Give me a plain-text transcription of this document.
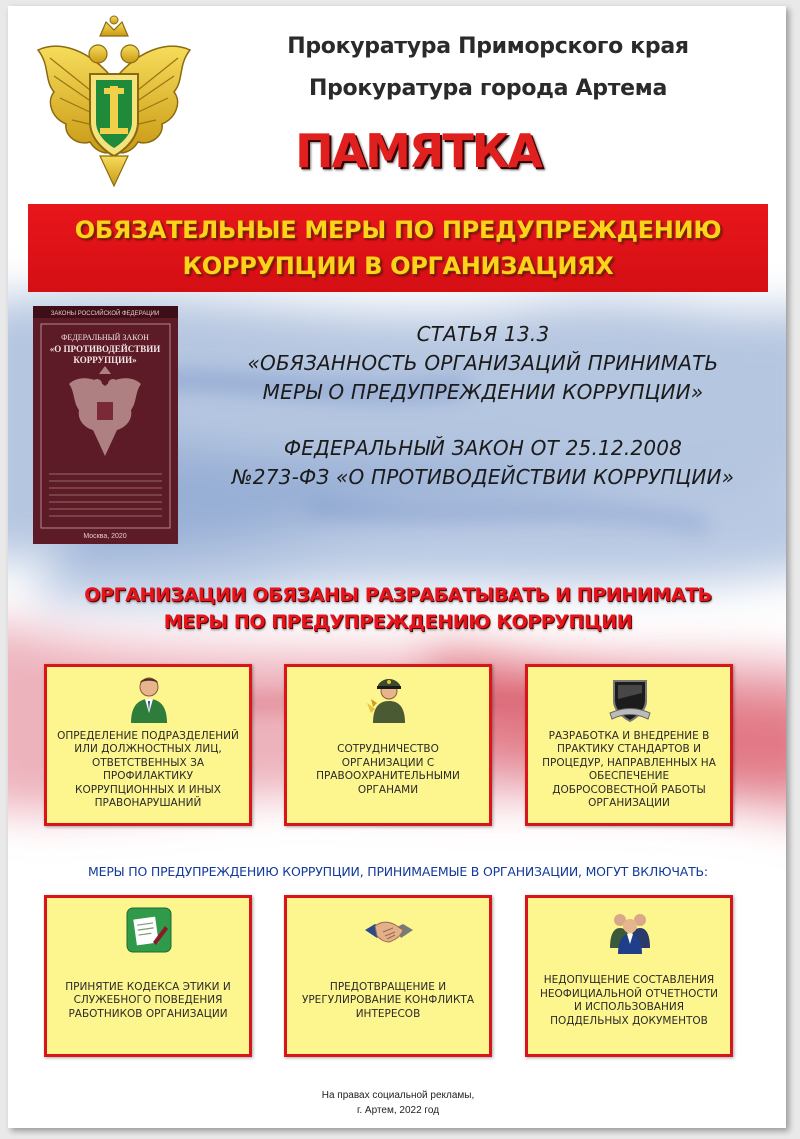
Прокуратура Приморского края
Прокуратура города Артема
ПАМЯТКА
ОБЯЗАТЕЛЬНЫЕ МЕРЫ ПО ПРЕДУПРЕЖДЕНИЮ
КОРРУПЦИИ В ОРГАНИЗАЦИЯХ
ЗАКОНЫ РОССИЙСКОЙ ФЕДЕРАЦИИ
ФЕДЕРАЛЬНЫЙ ЗАКОН
«О ПРОТИВОДЕЙСТВИИ
КОРРУПЦИИ»
Москва, 2020
СТАТЬЯ 13.3
«ОБЯЗАННОСТЬ ОРГАНИЗАЦИЙ ПРИНИМАТЬ
МЕРЫ О ПРЕДУПРЕЖДЕНИИ КОРРУПЦИИ»
ФЕДЕРАЛЬНЫЙ ЗАКОН ОТ 25.12.2008
№273-ФЗ «О ПРОТИВОДЕЙСТВИИ КОРРУПЦИИ»
ОРГАНИЗАЦИИ ОБЯЗАНЫ РАЗРАБАТЫВАТЬ И ПРИНИМАТЬ
МЕРЫ ПО ПРЕДУПРЕЖДЕНИЮ КОРРУПЦИИ
ОПРЕДЕЛЕНИЕ ПОДРАЗДЕЛЕНИЙ ИЛИ ДОЛЖНОСТНЫХ ЛИЦ, ОТВЕТСТВЕННЫХ ЗА ПРОФИЛАКТИКУ КОРРУПЦИОННЫХ И ИНЫХ ПРАВОНАРУШАНИЙ
СОТРУДНИЧЕСТВО ОРГАНИЗАЦИИ С ПРАВООХРАНИТЕЛЬНЫМИ ОРГАНАМИ
РАЗРАБОТКА И ВНЕДРЕНИЕ В ПРАКТИКУ СТАНДАРТОВ И ПРОЦЕДУР, НАПРАВЛЕННЫХ НА ОБЕСПЕЧЕНИЕ ДОБРОСОВЕСТНОЙ РАБОТЫ ОРГАНИЗАЦИИ
МЕРЫ ПО ПРЕДУПРЕЖДЕНИЮ КОРРУПЦИИ, ПРИНИМАЕМЫЕ В ОРГАНИЗАЦИИ, МОГУТ ВКЛЮЧАТЬ:
ПРИНЯТИЕ КОДЕКСА ЭТИКИ И СЛУЖЕБНОГО ПОВЕДЕНИЯ РАБОТНИКОВ ОРГАНИЗАЦИИ
ПРЕДОТВРАЩЕНИЕ И УРЕГУЛИРОВАНИЕ КОНФЛИКТА ИНТЕРЕСОВ
НЕДОПУЩЕНИЕ СОСТАВЛЕНИЯ НЕОФИЦИАЛЬНОЙ ОТЧЕТНОСТИ И ИСПОЛЬЗОВАНИЯ ПОДДЕЛЬНЫХ ДОКУМЕНТОВ
На правах социальной рекламы,
г. Артем, 2022 год
